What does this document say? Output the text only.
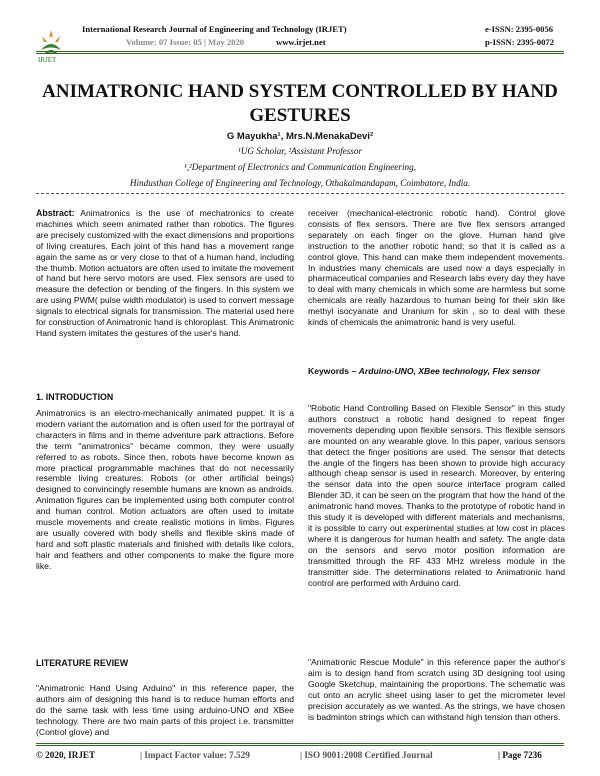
IRJET
International Research Journal of Engineering and Technology (IRJET)
Volume: 07 Issue: 05 | May 2020	www.irjet.net
e-ISSN: 2395-0056
p-ISSN: 2395-0072
ANIMATRONIC HAND SYSTEM CONTROLLED BY HAND
GESTURES
G Mayukha¹, Mrs.N.MenakaDevi²
¹UG Scholar, ²Assistant Professor
¹,²Department of Electronics and Communication Engineering,
Hindusthan College of Engineering and Technology, Othakalmandapam, Coimbatore, India.

Abstract: Animatronics is the use of mechatronics to create machines which seem animated rather than robotics. The figures are precisely customized with the exact dimensions and proportions of living creatures. Each joint of this hand has a movement range again the same as or very close to that of a human hand, including the thumb. Motion actuators are often used to imitate the movement of hand but here servo motors are used. Flex sensors are used to measure the defection or bending of the fingers. In this system we are using PWM( pulse width modulator) is used to convert message signals to electrical signals for transmission. The material used here for construction of Animatronic hand is chloroplast. This Animatronic Hand system imitates the gestures of the user's hand.

1. INTRODUCTION

Animatronics is an electro-mechanically animated puppet. It is a modern variant the automation and is often used for the portrayal of characters in films and in theme adventure park attractions. Before the term "animatronics" became common, they were usually referred to as robots. Since then, robots have become known as more practical programmable machines that do not necessarily resemble living creatures. Robots (or other artificial beings) designed to convincingly resemble humans are known as androids. Animation figures can be implemented using both computer control and human control. Motion actuators are often used to imitate muscle movements and create realistic motions in limbs. Figures are usually covered with body shells and flexible skins made of hard and soft plastic materials and finished with details like colors, hair and feathers and other components to make the figure more like.

LITERATURE REVIEW

"Animatronic Hand Using Arduino" in this reference paper, the authors aim of designing this hand is to reduce human efforts and do the same task with less time using arduino-UNO and XBee technology. There are two main parts of this project i.e. transmitter (Control glove) and

receiver (mechanical-electronic robotic hand). Control glove consists of flex sensors. There are five flex sensors arranged separately on each finger on the glove. Human hand give instruction to the another robotic hand; so that it is called as a control glove. This hand can make them independent movements. In industries many chemicals are used now a days especially in pharmaceutical companies and Research labs every day they have to deal with many chemicals in which some are harmless but some chemicals are really hazardous to human being for their skin like methyl isocyanate and Uranium for skin , so to deal with these kinds of chemicals the animatronic hand is very useful.

Keywords – Arduino-UNO, XBee technology, Flex sensor

"Robotic Hand Controlling Based on Flexible Sensor" in this study authors construct a robotic hand designed to repeat finger movements depending upon flexible sensors. This flexible sensors are mounted on any wearable glove. In this paper, various sensors that detect the finger positions are used. The sensor that detects the angle of the fingers has been shown to provide high accuracy although cheap sensor is used in research. Moreover, by entering the sensor data into the open source interface program called Blender 3D, it can be seen on the program that how the hand of the animatronic hand moves. Thanks to the prototype of robotic hand in this study it is developed with different materials and mechanisms, it is possible to carry out experimental studies at low cost in places where it is dangerous for human health and safety. The angle data on the sensors and servo motor position information are transmitted through the RF 433 MHz wireless module in the transmitter side. The determinations related to Animatronic hand control are performed with Arduino card.

"Animatronic Rescue Module" in this reference paper the author's aim is to design hand from scratch using 3D designing tool using Google Sketchup, maintaining the proportions. The schematic was cut onto an acrylic sheet using laser to get the micrometer level precision accurately as we wanted. As the strings, we have chosen is badminton strings which can withstand high tension than others.

© 2020, IRJET	| Impact Factor value: 7.529	| ISO 9001:2008 Certified Journal	| Page 7236
